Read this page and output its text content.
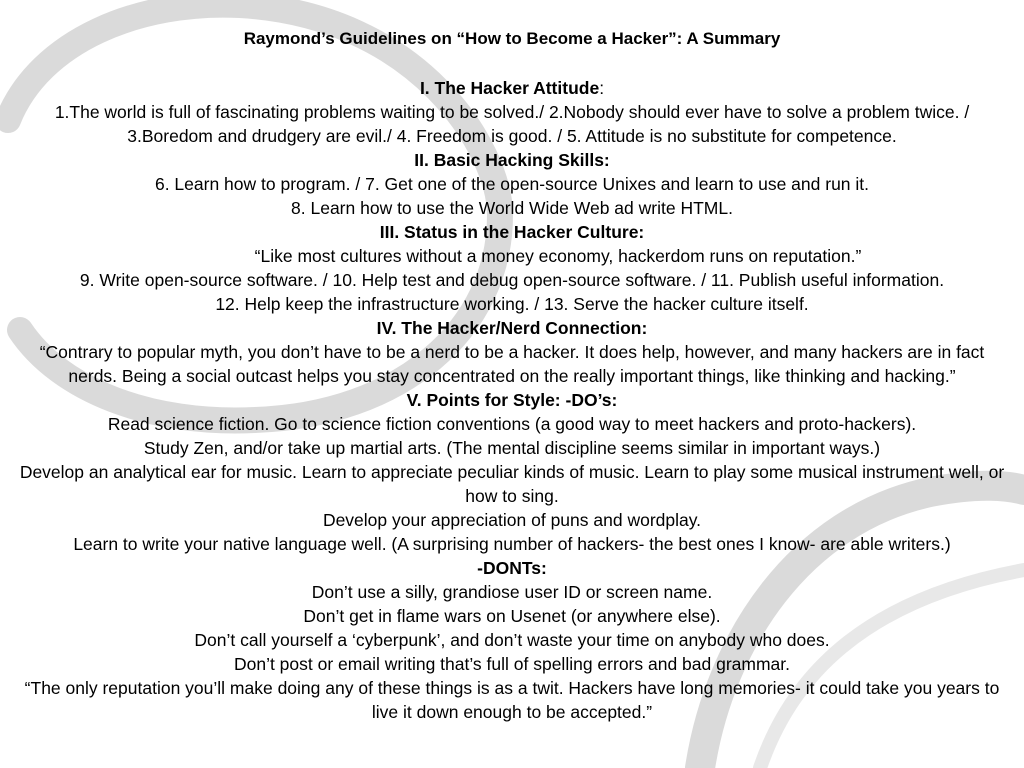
Raymond’s Guidelines on “How to Become a Hacker”: A Summary
I. The Hacker Attitude:
1.The world is full of fascinating problems waiting to be solved./ 2.Nobody should ever have to solve a problem twice. / 3.Boredom and drudgery are evil./ 4. Freedom is good. / 5. Attitude is no substitute for competence.
II. Basic Hacking Skills:
6. Learn how to program. / 7. Get one of the open-source Unixes and learn to use and run it.
8. Learn how to use the World Wide Web ad write HTML.
III. Status in the Hacker Culture:
“Like most cultures without a money economy, hackerdom runs on reputation.”
9. Write open-source software. / 10. Help test and debug open-source software. / 11. Publish useful information.
12. Help keep the infrastructure working. / 13. Serve the hacker culture itself.
IV. The Hacker/Nerd Connection:
“Contrary to popular myth, you don’t have to be a nerd to be a hacker. It does help, however, and many hackers are in fact nerds. Being a social outcast helps you stay concentrated on the really important things, like thinking and hacking.”
V. Points for Style: -DO’s:
Read science fiction. Go to science fiction conventions (a good way to meet hackers and proto-hackers).
Study Zen, and/or take up martial arts. (The mental discipline seems similar in important ways.)
Develop an analytical ear for music. Learn to appreciate peculiar kinds of music. Learn to play some musical instrument well, or how to sing.
Develop your appreciation of puns and wordplay.
Learn to write your native language well. (A surprising number of hackers- the best ones I know- are able writers.)
-DONTs:
Don’t use a silly, grandiose user ID or screen name.
Don’t get in flame wars on Usenet (or anywhere else).
Don’t call yourself a ‘cyberpunk’, and don’t waste your time on anybody who does.
Don’t post or email writing that’s full of spelling errors and bad grammar.
“The only reputation you’ll make doing any of these things is as a twit. Hackers have long memories- it could take you years to live it down enough to be accepted.”
